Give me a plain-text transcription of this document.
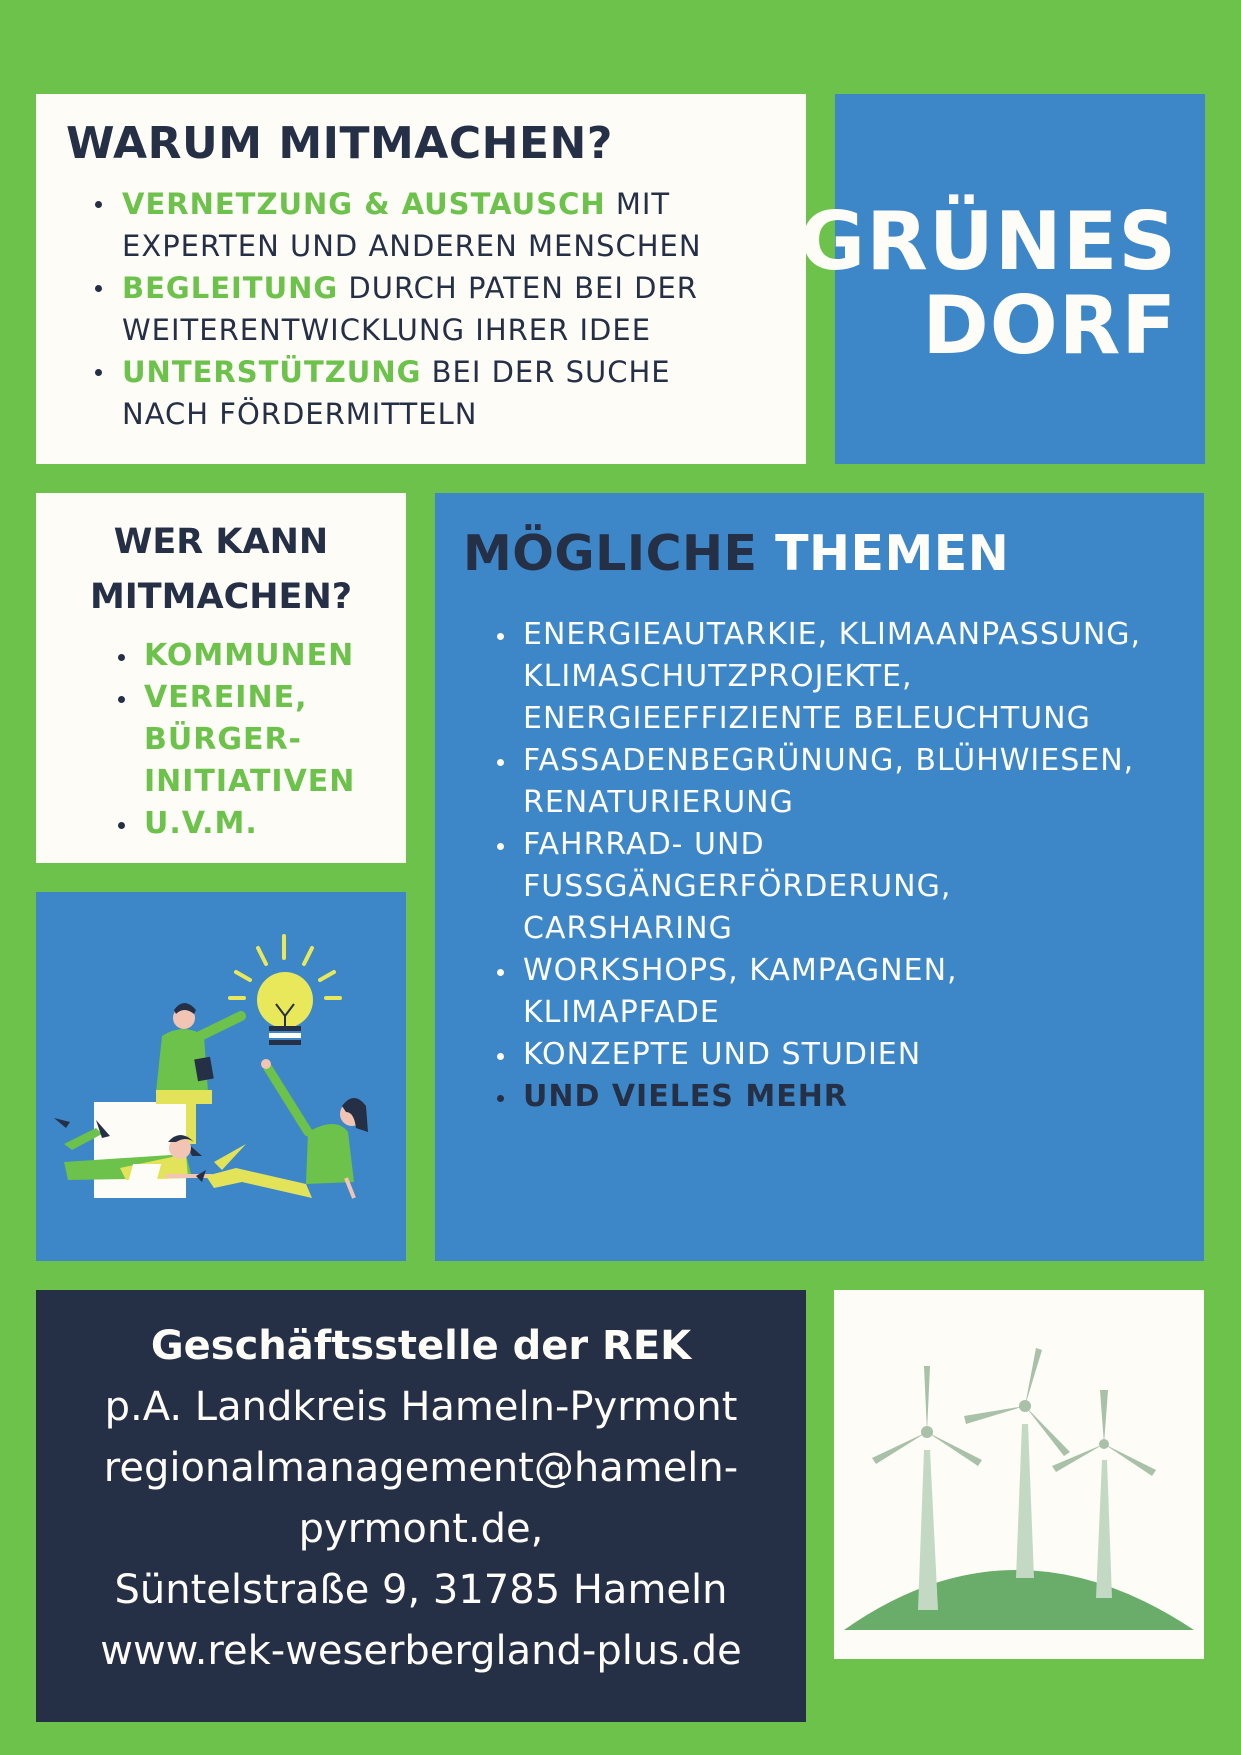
WARUM MITMACHEN?
VERNETZUNG & AUSTAUSCH MIT EXPERTEN UND ANDEREN MENSCHEN
BEGLEITUNG DURCH PATEN BEI DER WEITERENTWICKLUNG IHRER IDEE
UNTERSTÜTZUNG BEI DER SUCHE NACH FÖRDERMITTELN
GRÜNES
DORF
WER KANN MITMACHEN?
KOMMUNEN
VEREINE, BÜRGER-INITIATIVEN
U.V.M.
MÖGLICHE THEMEN
ENERGIEAUTARKIE, KLIMAANPASSUNG, KLIMASCHUTZPROJEKTE, ENERGIEEFFIZIENTE BELEUCHTUNG
FASSADENBEGRÜNUNG, BLÜHWIESEN, RENATURIERUNG
FAHRRAD- UND FUSSGÄNGERFÖRDERUNG, CARSHARING
WORKSHOPS, KAMPAGNEN, KLIMAPFADE
KONZEPTE UND STUDIEN
UND VIELES MEHR
Geschäftsstelle der REK
p.A. Landkreis Hameln-Pyrmont
regionalmanagement@hameln-
pyrmont.de,
Süntelstraße 9, 31785 Hameln
www.rek-weserbergland-plus.de
